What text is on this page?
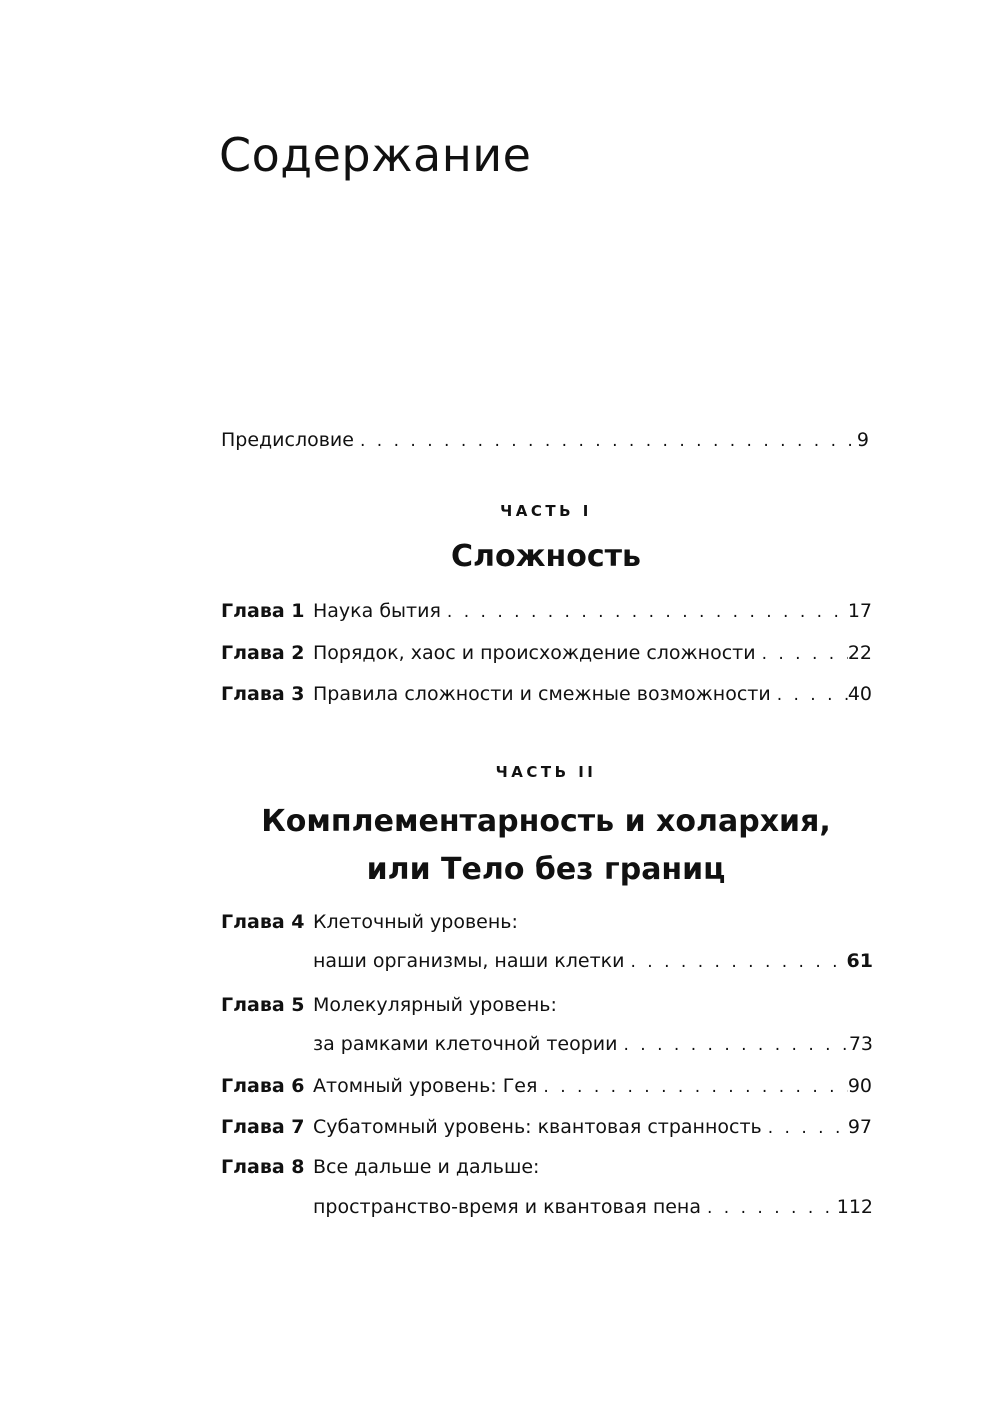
Содержание
Предисловие . . .	9
ЧАСТЬ I
Сложность
Глава 1 Наука бытия . . .	17
Глава 2 Порядок, хаос и происхождение сложности . . .	22
Глава 3 Правила сложности и смежные возможности . . .	40
ЧАСТЬ II
Комплементарность и холархия,
или Тело без границ
Глава 4 Клеточный уровень:
наши организмы, наши клетки . . .	61
Глава 5 Молекулярный уровень:
за рамками клеточной теории . . .	73
Глава 6 Атомный уровень: Гея . . .	90
Глава 7 Субатомный уровень: квантовая странность . . .	97
Глава 8 Все дальше и дальше:
пространство-время и квантовая пена . . .	112
